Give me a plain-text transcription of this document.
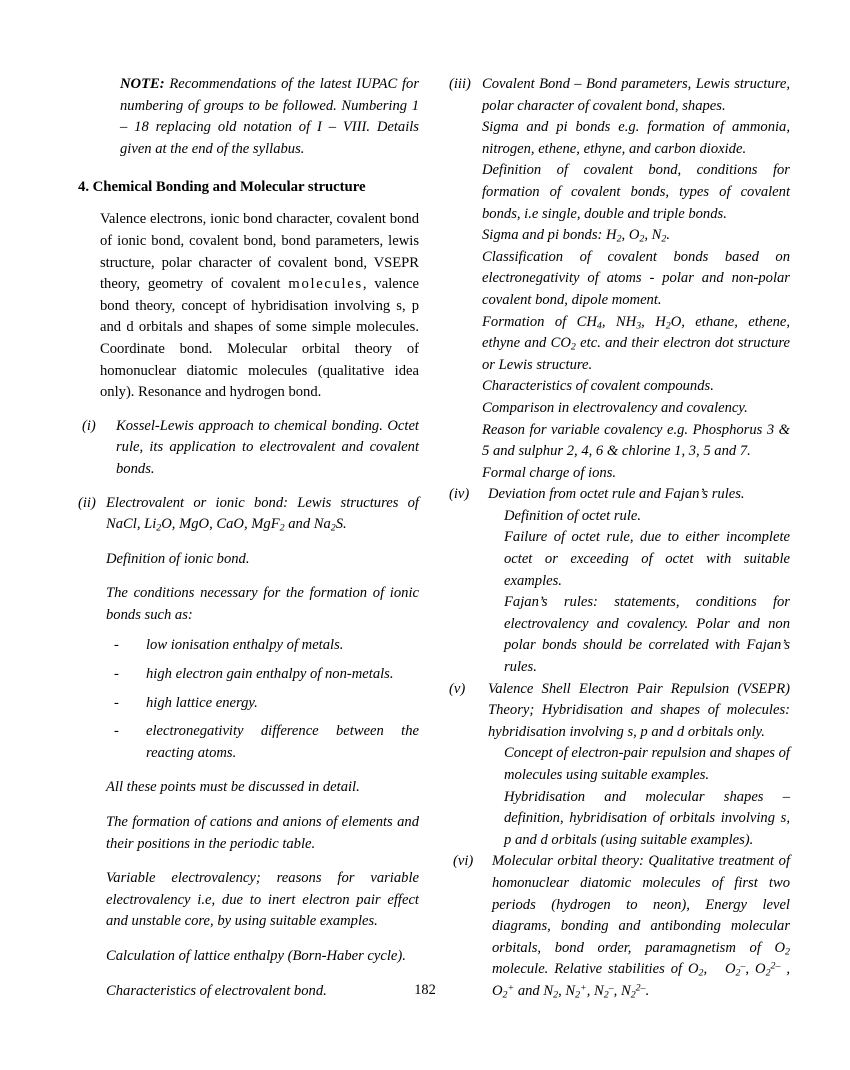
NOTE: Recommendations of the latest IUPAC for numbering of groups to be followed. Numbering 1 – 18 replacing old notation of I – VIII. Details given at the end of the syllabus.

4. Chemical Bonding and Molecular structure

Valence electrons, ionic bond character, covalent bond of ionic bond, covalent bond, bond parameters, lewis structure, polar character of covalent bond, VSEPR theory, geometry of covalent molecules, valence bond theory, concept of hybridisation involving s, p and d orbitals and shapes of some simple molecules. Coordinate bond. Molecular orbital theory of homonuclear diatomic molecules (qualitative idea only). Resonance and hydrogen bond.

(i)	Kossel-Lewis approach to chemical bonding. Octet rule, its application to electrovalent and covalent bonds.

(ii) Electrovalent or ionic bond: Lewis structures of NaCl, $Li_2O$, MgO, CaO, MgF$_2$ and $Na_2S$.

Definition of ionic bond.

The conditions necessary for the formation of ionic bonds such as:

-	low ionisation enthalpy of metals.
-	high electron gain enthalpy of non-metals.
-	high lattice energy.
-	electronegativity difference between the reacting atoms.

All these points must be discussed in detail.

The formation of cations and anions of elements and their positions in the periodic table.

Variable electrovalency; reasons for variable electrovalency i.e, due to inert electron pair effect and unstable core, by using suitable examples.

Calculation of lattice enthalpy (Born-Haber cycle).

Characteristics of electrovalent bond.

(iii) Covalent Bond – Bond parameters, Lewis structure, polar character of covalent bond, shapes.

Sigma and pi bonds e.g. formation of ammonia, nitrogen, ethene, ethyne, and carbon dioxide.

Definition of covalent bond, conditions for formation of covalent bonds, types of covalent bonds, i.e single, double and triple bonds.

Sigma and pi bonds: $H_2$, $O_2$, $N_2$.

Classification of covalent bonds based on electronegativity of atoms - polar and non-polar covalent bond, dipole moment.

Formation of $CH_4$, $NH_3$, $H_2O$, ethane, ethene, ethyne and $CO_2$ etc. and their electron dot structure or Lewis structure.

Characteristics of covalent compounds.

Comparison in electrovalency and covalency.

Reason for variable covalency e.g. Phosphorus 3 & 5 and sulphur 2, 4, 6 & chlorine 1, 3, 5 and 7.

Formal charge of ions.

(iv)	Deviation from octet rule and Fajan’s rules.

Definition of octet rule.

Failure of octet rule, due to either incomplete octet or exceeding of octet with suitable examples.

Fajan’s rules: statements, conditions for electrovalency and covalency. Polar and non polar bonds should be correlated with Fajan’s rules.

(v)	Valence Shell Electron Pair Repulsion (VSEPR) Theory; Hybridisation and shapes of molecules: hybridisation involving s, p and d orbitals only.

Concept of electron-pair repulsion and shapes of molecules using suitable examples.

Hybridisation and molecular shapes – definition, hybridisation of orbitals involving s, p and d orbitals (using suitable examples).

(vi)	Molecular orbital theory: Qualitative treatment of homonuclear diatomic molecules of first two periods (hydrogen to neon), Energy level diagrams, bonding and antibonding molecular orbitals, bond order, paramagnetism of $O_2$ molecule. Relative stabilities of $O_2$,   $O_2^-$, $O_2^{2-}$ , $O_2^+$ and $N_2$, $N_2^+$, $N_2^-$, $N_2^{2-}$.

182
